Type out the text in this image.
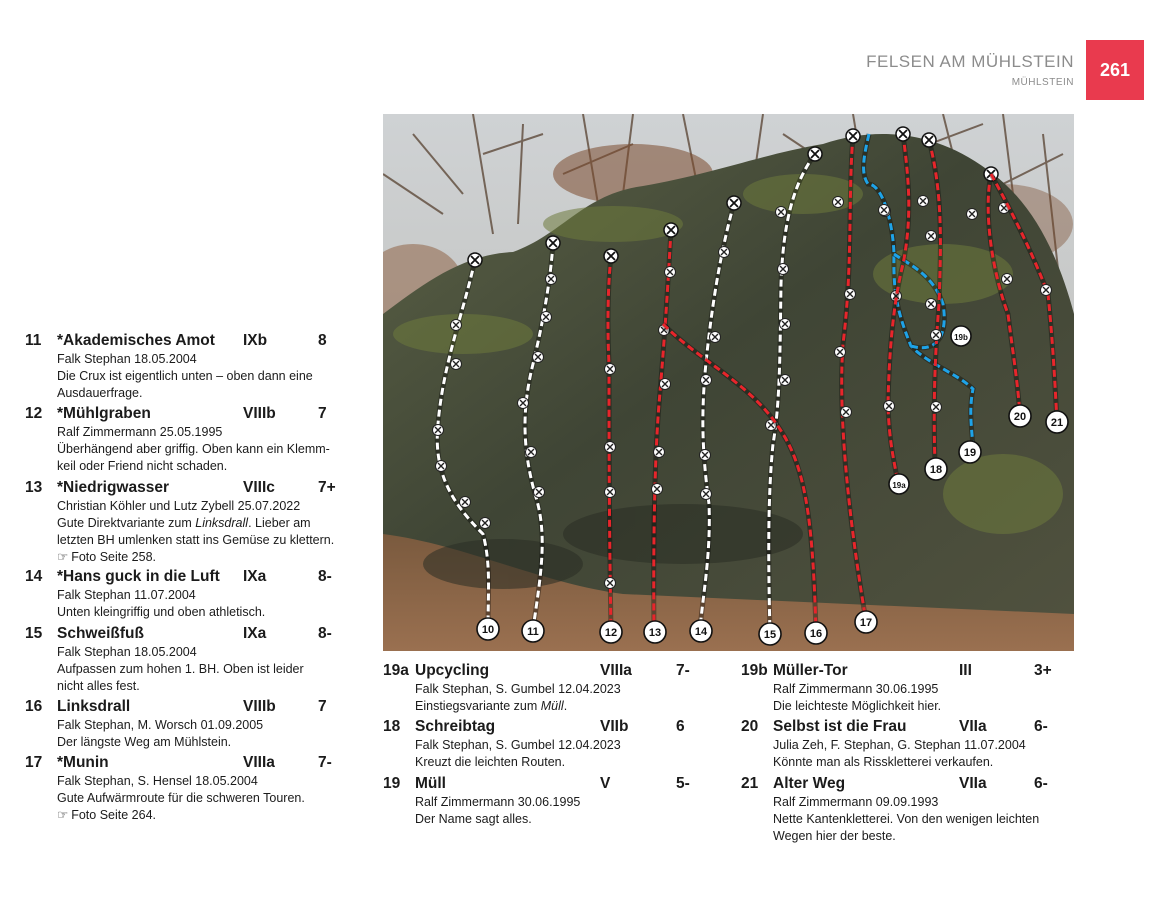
FELSEN AM MÜHLSTEIN
MÜHLSTEIN
261
10	11	12	13	14	15	16
17
18
19
19a
19b
20 21
11 *Akademisches Amot IXb	8
Falk Stephan 18.05.2004
Die Crux ist eigentlich unten – oben dann eine
Ausdauerfrage.
12 *Mühlgraben	VIIIb	7
Ralf Zimmermann 25.05.1995
Überhängend aber griffig. Oben kann ein Klemm-
keil oder Friend nicht schaden.
13 *Niedrigwasser	VIIIc	7+
Christian Köhler und Lutz Zybell 25.07.2022
Gute Direktvariante zum Linksdrall. Lieber am
letzten BH umlenken statt ins Gemüse zu klettern.
☞ Foto Seite 258.
14 *Hans guck in die Luft IXa	8-
Falk Stephan 11.07.2004
Unten kleingriffig und oben athletisch.
15 Schweißfuß	IXa	8-
Falk Stephan 18.05.2004
Aufpassen zum hohen 1. BH. Oben ist leider
nicht alles fest.
16 Linksdrall	VIIIb	7
Falk Stephan, M. Worsch 01.09.2005
Der längste Weg am Mühlstein.
17 *Munin	VIIIa	7-
Falk Stephan, S. Hensel 18.05.2004
Gute Aufwärmroute für die schweren Touren.
☞ Foto Seite 264.
19a Upcycling	VIIIa	7-
Falk Stephan, S. Gumbel 12.04.2023
Einstiegsvariante zum Müll.
18 Schreibtag	VIIb	6
Falk Stephan, S. Gumbel 12.04.2023
Kreuzt die leichten Routen.
19 Müll	V	5-
Ralf Zimmermann 30.06.1995
Der Name sagt alles.
19b Müller-Tor	III	3+
Ralf Zimmermann 30.06.1995
Die leichteste Möglichkeit hier.
20 Selbst ist die Frau	VIIa	6-
Julia Zeh, F. Stephan, G. Stephan 11.07.2004
Könnte man als Risskletterei verkaufen.
21 Alter Weg	VIIa	6-
Ralf Zimmermann 09.09.1993
Nette Kantenkletterei. Von den wenigen leichten
Wegen hier der beste.
